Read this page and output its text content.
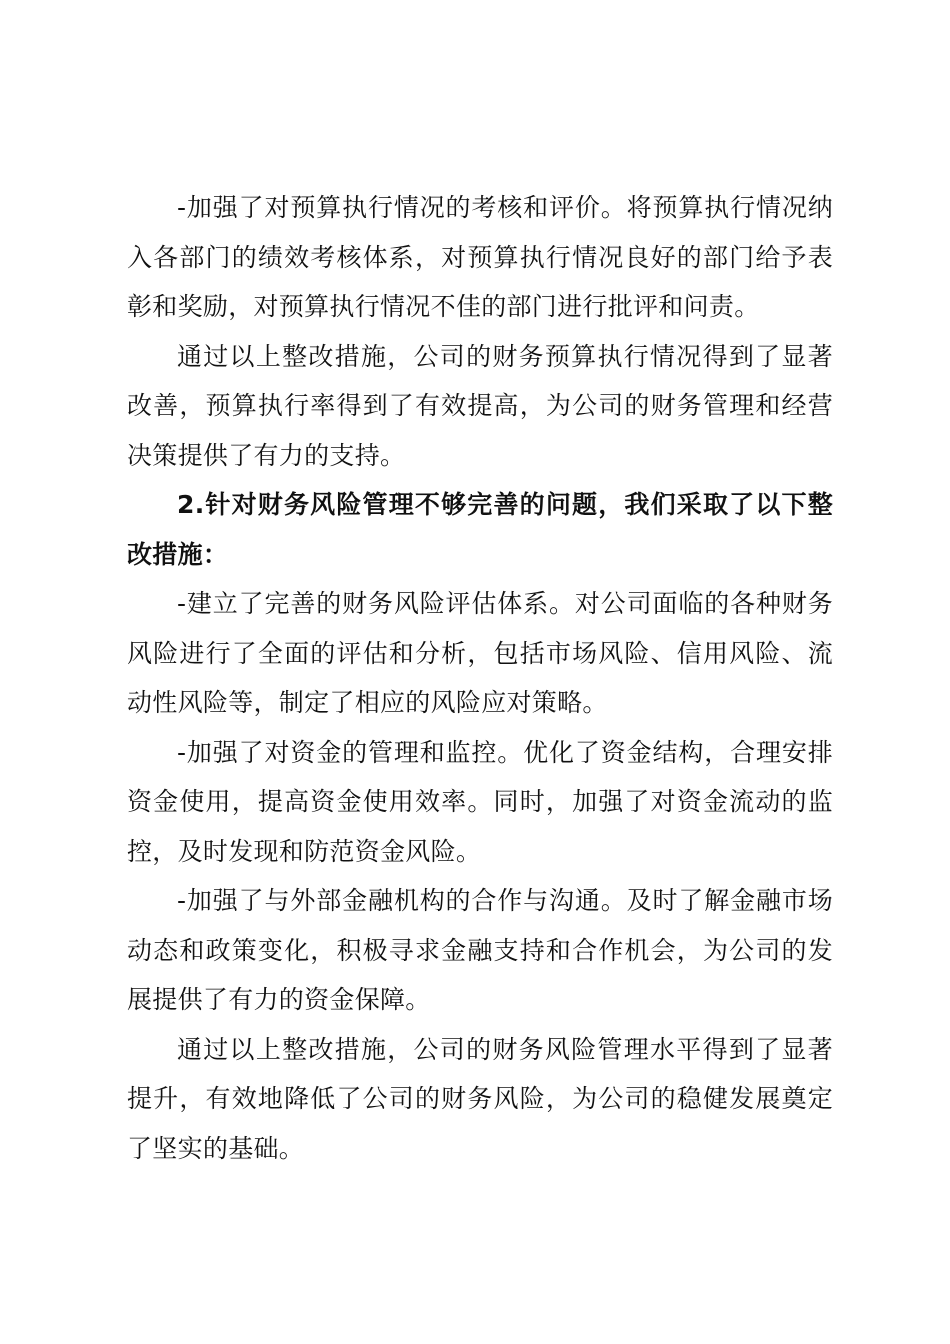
-加强了对预算执行情况的考核和评价。将预算执行情况纳入各部门的绩效考核体系，对预算执行情况良好的部门给予表彰和奖励，对预算执行情况不佳的部门进行批评和问责。

通过以上整改措施，公司的财务预算执行情况得到了显著改善，预算执行率得到了有效提高，为公司的财务管理和经营决策提供了有力的支持。

2.针对财务风险管理不够完善的问题，我们采取了以下整改措施：

-建立了完善的财务风险评估体系。对公司面临的各种财务风险进行了全面的评估和分析，包括市场风险、信用风险、流动性风险等，制定了相应的风险应对策略。

-加强了对资金的管理和监控。优化了资金结构，合理安排资金使用，提高资金使用效率。同时，加强了对资金流动的监控，及时发现和防范资金风险。

-加强了与外部金融机构的合作与沟通。及时了解金融市场动态和政策变化，积极寻求金融支持和合作机会，为公司的发展提供了有力的资金保障。

通过以上整改措施，公司的财务风险管理水平得到了显著提升，有效地降低了公司的财务风险，为公司的稳健发展奠定了坚实的基础。
